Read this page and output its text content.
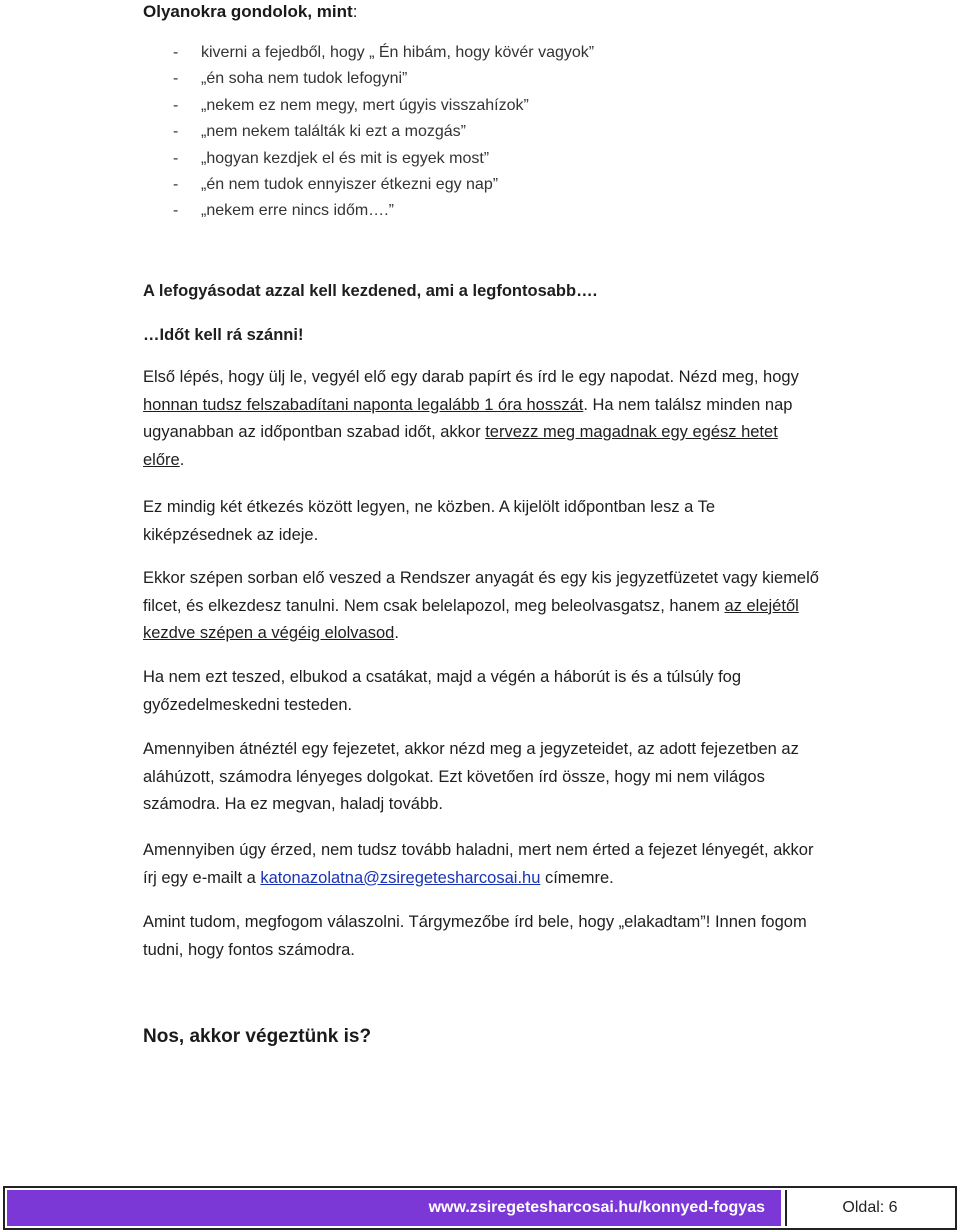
Olyanokra gondolok, mint:
- kiverni a fejedből, hogy „ Én hibám, hogy kövér vagyok”
- „én soha nem tudok lefogyni”
- „nekem ez nem megy, mert úgyis visszahízok”
- „nem nekem találták ki ezt a mozgás”
- „hogyan kezdjek el és mit is egyek most”
- „én nem tudok ennyiszer étkezni egy nap”
- „nekem erre nincs időm….”
A lefogyásodat azzal kell kezdened, ami a legfontosabb….
…Időt kell rá szánni!
Első lépés, hogy ülj le, vegyél elő egy darab papírt és írd le egy napodat. Nézd meg, hogy honnan tudsz felszabadítani naponta legalább 1 óra hosszát. Ha nem találsz minden nap ugyanabban az időpontban szabad időt, akkor tervezz meg magadnak egy egész hetet előre.
Ez mindig két étkezés között legyen, ne közben. A kijelölt időpontban lesz a Te kiképzésednek az ideje.
Ekkor szépen sorban elő veszed a Rendszer anyagát és egy kis jegyzetfüzetet vagy kiemelő filcet, és elkezdesz tanulni. Nem csak belelapozol, meg beleolvasgatsz, hanem az elejétől kezdve szépen a végéig elolvasod.
Ha nem ezt teszed, elbukod a csatákat, majd a végén a háborút is és a túlsúly fog győzedelmeskedni testeden.
Amennyiben átnéztél egy fejezetet, akkor nézd meg a jegyzeteidet, az adott fejezetben az aláhúzott, számodra lényeges dolgokat. Ezt követően írd össze, hogy mi nem világos számodra. Ha ez megvan, haladj tovább.
Amennyiben úgy érzed, nem tudsz tovább haladni, mert nem érted a fejezet lényegét, akkor írj egy e-mailt a katonazolatna@zsiregetesharcosai.hu címemre.
Amint tudom, megfogom válaszolni. Tárgymezőbe írd bele, hogy „elakadtam”! Innen fogom tudni, hogy fontos számodra.
Nos, akkor végeztünk is?
www.zsiregetesharcosai.hu/konnyed-fogyas	Oldal: 6
